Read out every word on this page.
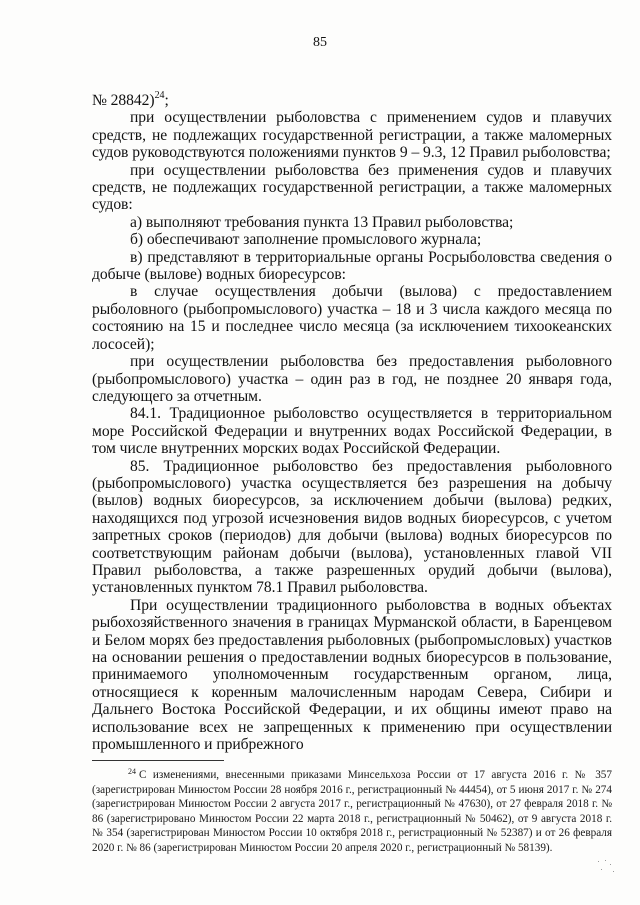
85

№ 28842)$^{24}$;

при осуществлении рыболовства с применением судов и плавучих средств, не подлежащих государственной регистрации, а также маломерных судов руководствуются положениями пунктов 9 – 9.3, 12 Правил рыболовства;

при осуществлении рыболовства без применения судов и плавучих средств, не подлежащих государственной регистрации, а также маломерных судов:

а) выполняют требования пункта 13 Правил рыболовства;

б) обеспечивают заполнение промыслового журнала;

в) представляют в территориальные органы Росрыболовства сведения о добыче (вылове) водных биоресурсов:

в случае осуществления добычи (вылова) с предоставлением рыболовного (рыбопромыслового) участка – 18 и 3 числа каждого месяца по состоянию на 15 и последнее число месяца (за исключением тихоокеанских лососей);

при осуществлении рыболовства без предоставления рыболовного (рыбопромыслового) участка – один раз в год, не позднее 20 января года, следующего за отчетным.

84.1. Традиционное рыболовство осуществляется в территориальном море Российской Федерации и внутренних водах Российской Федерации, в том числе внутренних морских водах Российской Федерации.

85. Традиционное рыболовство без предоставления рыболовного (рыбопромыслового) участка осуществляется без разрешения на добычу (вылов) водных биоресурсов, за исключением добычи (вылова) редких, находящихся под угрозой исчезновения видов водных биоресурсов, с учетом запретных сроков (периодов) для добычи (вылова) водных биоресурсов по соответствующим районам добычи (вылова), установленных главой VII Правил рыболовства, а также разрешенных орудий добычи (вылова), установленных пунктом 78.1 Правил рыболовства.

При осуществлении традиционного рыболовства в водных объектах рыбохозяйственного значения в границах Мурманской области, в Баренцевом и Белом морях без предоставления рыболовных (рыбопромысловых) участков на основании решения о предоставлении водных биоресурсов в пользование, принимаемого уполномоченным государственным органом, лица, относящиеся к коренным малочисленным народам Севера, Сибири и Дальнего Востока Российской Федерации, и их общины имеют право на использование всех не запрещенных к применению при осуществлении промышленного и прибрежного

$^{24}$ С изменениями, внесенными приказами Минсельхоза России от 17 августа 2016 г. № 357 (зарегистрирован Минюстом России 28 ноября 2016 г., регистрационный № 44454), от 5 июня 2017 г. № 274 (зарегистрирован Минюстом России 2 августа 2017 г., регистрационный № 47630), от 27 февраля 2018 г. № 86 (зарегистрировано Минюстом России 22 марта 2018 г., регистрационный № 50462), от 9 августа 2018 г. № 354 (зарегистрирован Минюстом России 10 октября 2018 г., регистрационный № 52387) и от 26 февраля 2020 г. № 86 (зарегистрирован Минюстом России 20 апреля 2020 г., регистрационный № 58139).
